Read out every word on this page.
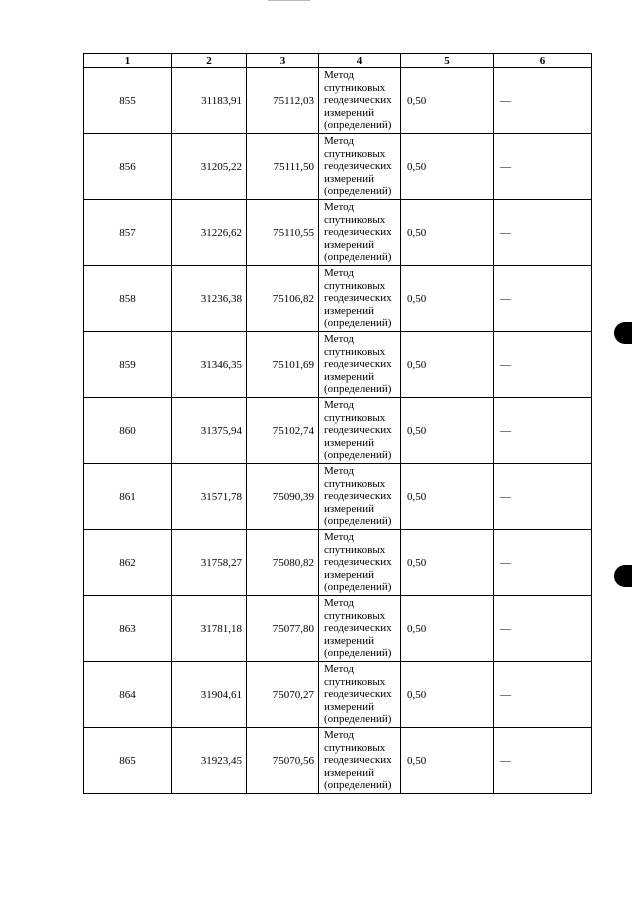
1	2	3	4	5	6
855	31183,91	75112,03	Метод спутниковых геодезических измерений (определений)	0,50	—
856	31205,22	75111,50	Метод спутниковых геодезических измерений (определений)	0,50	—
857	31226,62	75110,55	Метод спутниковых геодезических измерений (определений)	0,50	—
858	31236,38	75106,82	Метод спутниковых геодезических измерений (определений)	0,50	—
859	31346,35	75101,69	Метод спутниковых геодезических измерений (определений)	0,50	—
860	31375,94	75102,74	Метод спутниковых геодезических измерений (определений)	0,50	—
861	31571,78	75090,39	Метод спутниковых геодезических измерений (определений)	0,50	—
862	31758,27	75080,82	Метод спутниковых геодезических измерений (определений)	0,50	—
863	31781,18	75077,80	Метод спутниковых геодезических измерений (определений)	0,50	—
864	31904,61	75070,27	Метод спутниковых геодезических измерений (определений)	0,50	—
865	31923,45	75070,56	Метод спутниковых геодезических измерений (определений)	0,50	—
